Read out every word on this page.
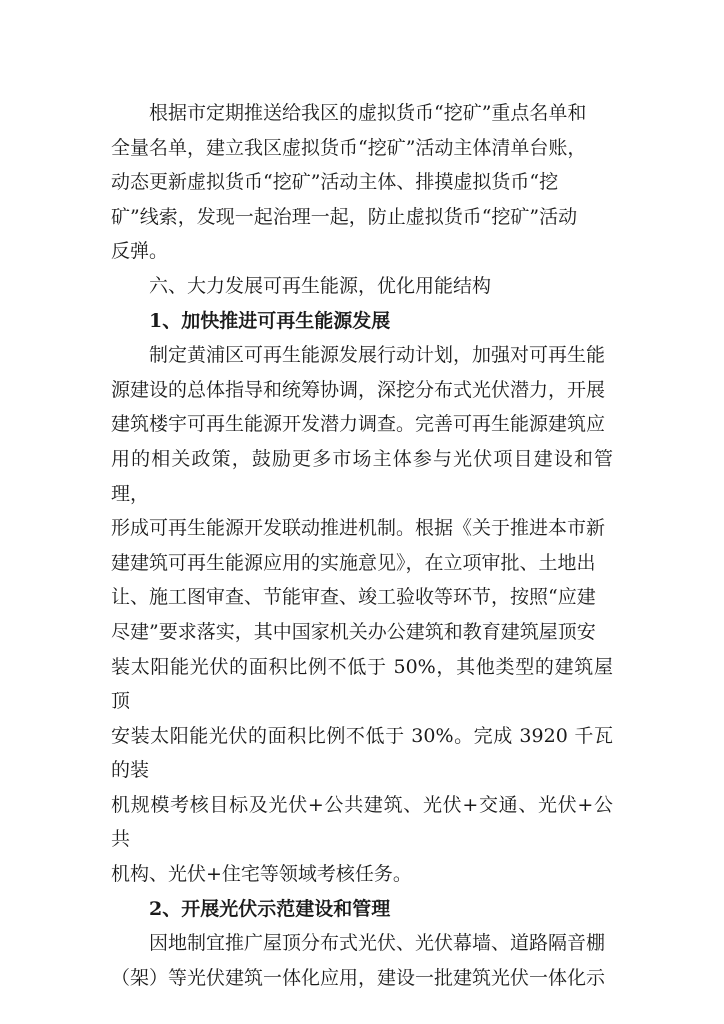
根据市定期推送给我区的虚拟货币“挖矿”重点名单和

全量名单，建立我区虚拟货币“挖矿”活动主体清单台账，

动态更新虚拟货币“挖矿”活动主体、排摸虚拟货币“挖

矿”线索，发现一起治理一起，防止虚拟货币“挖矿”活动

反弹。

六、大力发展可再生能源，优化用能结构

1、加快推进可再生能源发展

制定黄浦区可再生能源发展行动计划，加强对可再生能

源建设的总体指导和统筹协调，深挖分布式光伏潜力，开展

建筑楼宇可再生能源开发潜力调查。完善可再生能源建筑应

用的相关政策，鼓励更多市场主体参与光伏项目建设和管理，

形成可再生能源开发联动推进机制。根据《关于推进本市新

建建筑可再生能源应用的实施意见》，在立项审批、土地出

让、施工图审查、节能审查、竣工验收等环节，按照“应建

尽建”要求落实，其中国家机关办公建筑和教育建筑屋顶安

装太阳能光伏的面积比例不低于 50%，其他类型的建筑屋顶

安装太阳能光伏的面积比例不低于 30%。完成 3920 千瓦的装

机规模考核目标及光伏+公共建筑、光伏+交通、光伏+公共

机构、光伏+住宅等领域考核任务。

2、开展光伏示范建设和管理

因地制宜推广屋顶分布式光伏、光伏幕墙、道路隔音棚

（架）等光伏建筑一体化应用，建设一批建筑光伏一体化示
